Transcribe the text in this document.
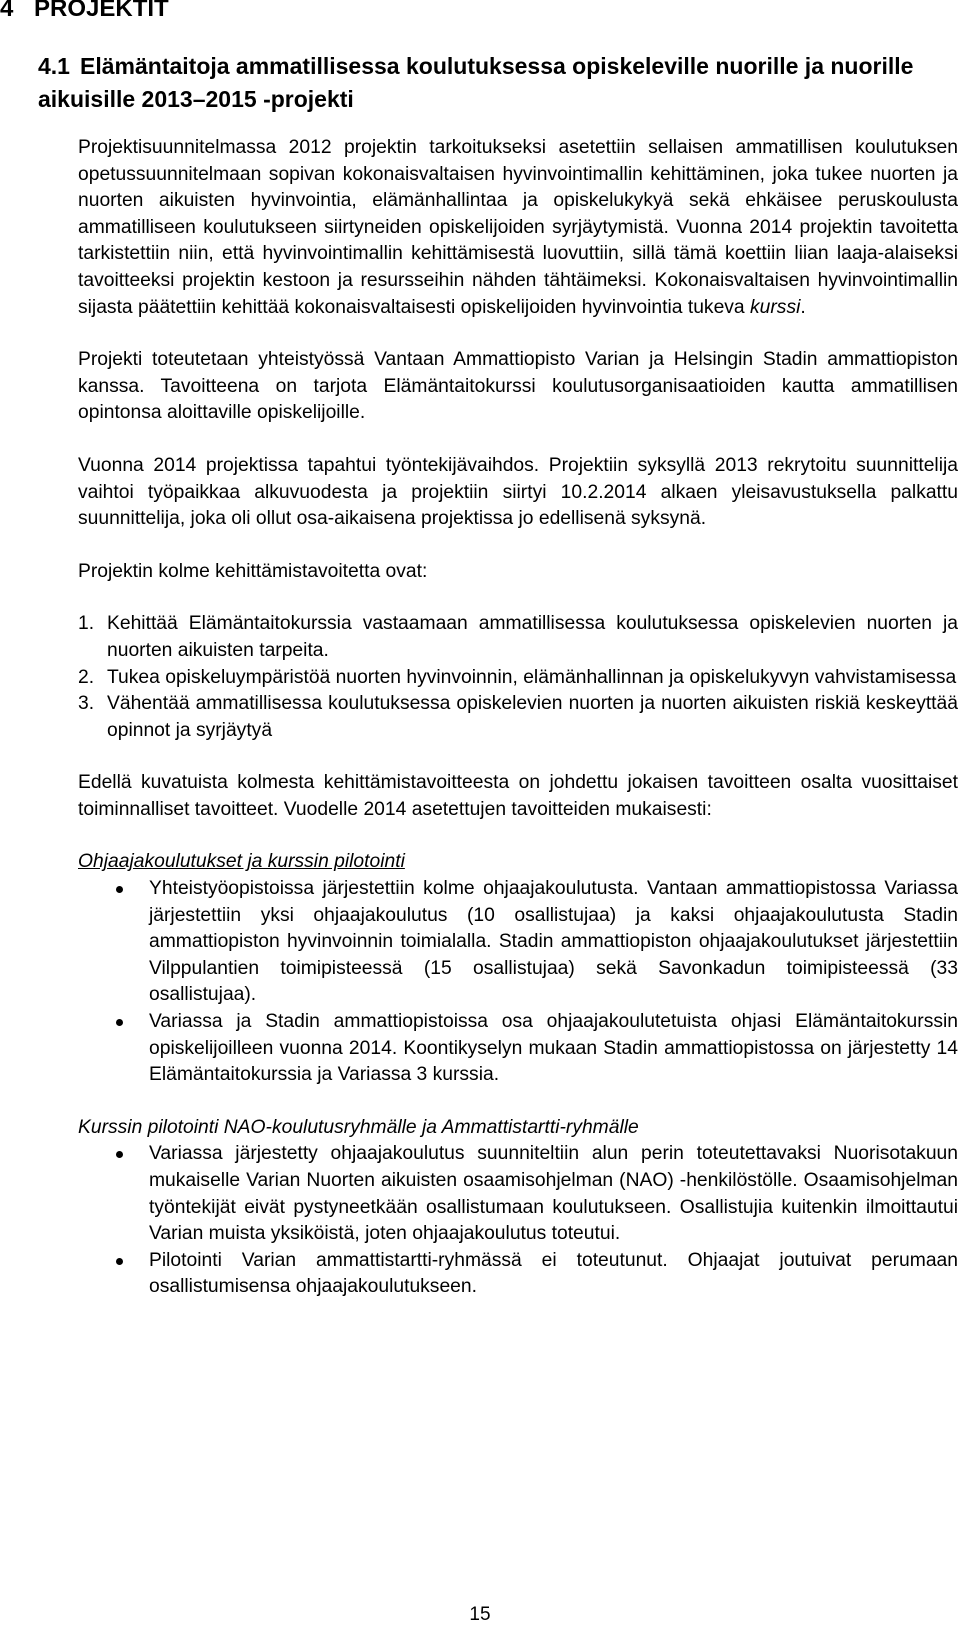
4 PROJEKTIT
4.1 Elämäntaitoja ammatillisessa koulutuksessa opiskeleville nuorille ja nuorille aikuisille 2013–2015 -projekti

Projektisuunnitelmassa 2012 projektin tarkoitukseksi asetettiin sellaisen ammatillisen koulutuksen opetussuunnitelmaan sopivan kokonaisvaltaisen hyvinvointimallin kehittäminen, joka tukee nuorten ja nuorten aikuisten hyvinvointia, elämänhallintaa ja opiskelukykyä sekä ehkäisee peruskoulusta ammatilliseen koulutukseen siirtyneiden opiskelijoiden syrjäytymistä. Vuonna 2014 projektin tavoitetta tarkistettiin niin, että hyvinvointimallin kehittämisestä luovuttiin, sillä tämä koettiin liian laaja-alaiseksi tavoitteeksi projektin kestoon ja resursseihin nähden tähtäimeksi. Kokonaisvaltaisen hyvinvointimallin sijasta päätettiin kehittää kokonaisvaltaisesti opiskelijoiden hyvinvointia tukeva kurssi.

Projekti toteutetaan yhteistyössä Vantaan Ammattiopisto Varian ja Helsingin Stadin ammattiopiston kanssa. Tavoitteena on tarjota Elämäntaitokurssi koulutusorganisaatioiden kautta ammatillisen opintonsa aloittaville opiskelijoille.

Vuonna 2014 projektissa tapahtui työntekijävaihdos. Projektiin syksyllä 2013 rekrytoitu suunnittelija vaihtoi työpaikkaa alkuvuodesta ja projektiin siirtyi 10.2.2014 alkaen yleisavustuksella palkattu suunnittelija, joka oli ollut osa-aikaisena projektissa jo edellisenä syksynä.

Projektin kolme kehittämistavoitetta ovat:

1. Kehittää Elämäntaitokurssia vastaamaan ammatillisessa koulutuksessa opiskelevien nuorten ja nuorten aikuisten tarpeita.
2. Tukea opiskeluympäristöä nuorten hyvinvoinnin, elämänhallinnan ja opiskelukyvyn vahvistamisessa
3. Vähentää ammatillisessa koulutuksessa opiskelevien nuorten ja nuorten aikuisten riskiä keskeyttää opinnot ja syrjäytyä

Edellä kuvatuista kolmesta kehittämistavoitteesta on johdettu jokaisen tavoitteen osalta vuosittaiset toiminnalliset tavoitteet. Vuodelle 2014 asetettujen tavoitteiden mukaisesti:

Ohjaajakoulutukset ja kurssin pilotointi

Yhteistyöopistoissa järjestettiin kolme ohjaajakoulutusta. Vantaan ammattiopistossa Variassa järjestettiin yksi ohjaajakoulutus (10 osallistujaa) ja kaksi ohjaajakoulutusta Stadin ammattiopiston hyvinvoinnin toimialalla. Stadin ammattiopiston ohjaajakoulutukset järjestettiin Vilppulantien toimipisteessä (15 osallistujaa) sekä Savonkadun toimipisteessä (33 osallistujaa).
Variassa ja Stadin ammattiopistoissa osa ohjaajakoulutetuista ohjasi Elämäntaitokurssin opiskelijoilleen vuonna 2014. Koontikyselyn mukaan Stadin ammattiopistossa on järjestetty 14 Elämäntaitokurssia ja Variassa 3 kurssia.

Kurssin pilotointi NAO-koulutusryhmälle ja Ammattistartti-ryhmälle

Variassa järjestetty ohjaajakoulutus suunniteltiin alun perin toteutettavaksi Nuorisotakuun mukaiselle Varian Nuorten aikuisten osaamisohjelman (NAO) -henkilöstölle. Osaamisohjelman työntekijät eivät pystyneetkään osallistumaan koulutukseen. Osallistujia kuitenkin ilmoittautui Varian muista yksiköistä, joten ohjaajakoulutus toteutui.
Pilotointi Varian ammattistartti-ryhmässä ei toteutunut. Ohjaajat joutuivat perumaan osallistumisensa ohjaajakoulutukseen.
15
